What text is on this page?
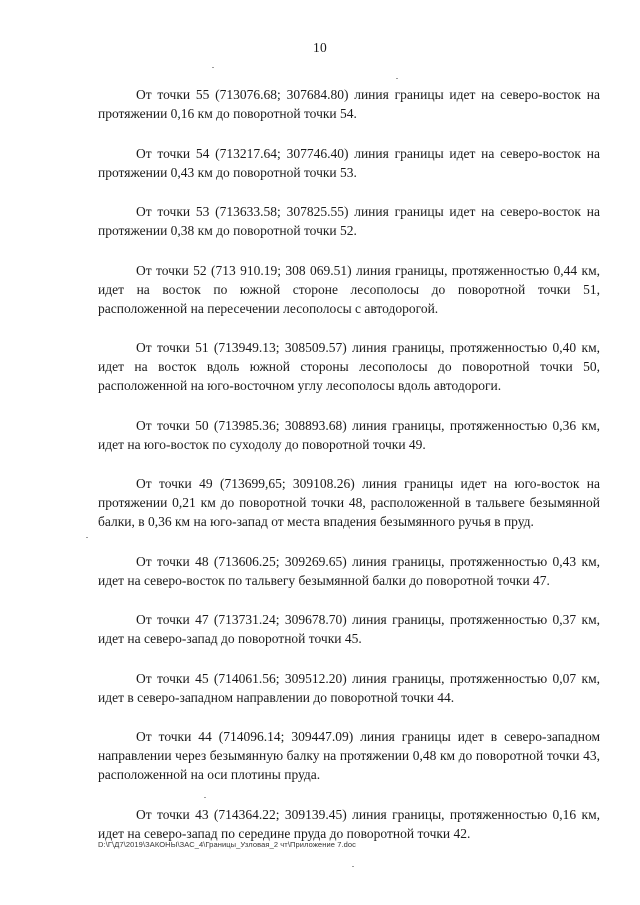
10

От точки 55 (713076.68; 307684.80) линия границы идет на северо-восток на протяжении 0,16 км до поворотной точки 54.

От точки 54 (713217.64; 307746.40) линия границы идет на северо-восток на протяжении 0,43 км до поворотной точки 53.

От точки 53 (713633.58; 307825.55) линия границы идет на северо-восток на протяжении 0,38 км до поворотной точки 52.

От точки 52 (713 910.19; 308 069.51) линия границы, протяженностью 0,44 км, идет на восток по южной стороне лесополосы до поворотной точки 51, расположенной на пересечении лесополосы с автодорогой.

От точки 51 (713949.13; 308509.57) линия границы, протяженностью 0,40 км, идет на восток вдоль южной стороны лесополосы до поворотной точки 50, расположенной на юго-восточном углу лесополосы вдоль автодороги.

От точки 50 (713985.36; 308893.68) линия границы, протяженностью 0,36 км, идет на юго-восток по суходолу до поворотной точки 49.

От точки 49 (713699,65; 309108.26) линия границы идет на юго-восток на протяжении 0,21 км до поворотной точки 48, расположенной в тальвеге безымянной балки, в 0,36 км на юго-запад от места впадения безымянного ручья в пруд.

От точки 48 (713606.25; 309269.65) линия границы, протяженностью 0,43 км, идет на северо-восток по тальвегу безымянной балки до поворотной точки 47.

От точки 47 (713731.24; 309678.70) линия границы, протяженностью 0,37 км, идет на северо-запад до поворотной точки 45.

От точки 45 (714061.56; 309512.20) линия границы, протяженностью 0,07 км, идет в северо-западном направлении до поворотной точки 44.

От точки 44 (714096.14; 309447.09) линия границы идет в северо-западном направлении через безымянную балку на протяжении 0,48 км до поворотной точки 43, расположенной на оси плотины пруда.

От точки 43 (714364.22; 309139.45) линия границы, протяженностью 0,16 км, идет на северо-запад по середине пруда до поворотной точки 42.

D:\Г\Д7\2019\ЗАКОНЫ\ЗАС_4\Границы_Узловая_2 чт\Приложение 7.doc
